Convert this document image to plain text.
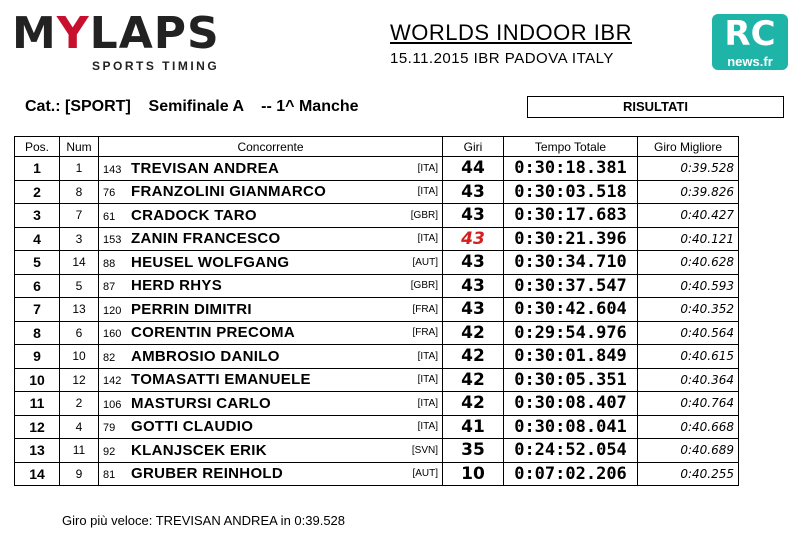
MYLAPS
SPORTS TIMING
WORLDS INDOOR IBR
15.11.2015 IBR PADOVA ITALY
RC
news.fr
Cat.: [SPORT]    Semifinale A    -- 1^ Manche	RISULTATI
Pos.	Num	Concorrente	Giri	Tempo Totale	Giro Migliore
1	1	143 TREVISAN ANDREA [ITA]	44	0:30:18.381	0:39.528
2	8	76 FRANZOLINI GIANMARCO [ITA]	43	0:30:03.518	0:39.826
3	7	61 CRADOCK TARO [GBR]	43	0:30:17.683	0:40.427
4	3	153 ZANIN FRANCESCO [ITA]	43	0:30:21.396	0:40.121
5	14	88 HEUSEL WOLFGANG [AUT]	43	0:30:34.710	0:40.628
6	5	87 HERD RHYS [GBR]	43	0:30:37.547	0:40.593
7	13	120 PERRIN DIMITRI [FRA]	43	0:30:42.604	0:40.352
8	6	160 CORENTIN PRECOMA [FRA]	42	0:29:54.976	0:40.564
9	10	82 AMBROSIO DANILO [ITA]	42	0:30:01.849	0:40.615
10	12	142 TOMASATTI EMANUELE [ITA]	42	0:30:05.351	0:40.364
11	2	106 MASTURSI CARLO [ITA]	42	0:30:08.407	0:40.764
12	4	79 GOTTI CLAUDIO [ITA]	41	0:30:08.041	0:40.668
13	11	92 KLANJSCEK ERIK [SVN]	35	0:24:52.054	0:40.689
14	9	81 GRUBER REINHOLD [AUT]	10	0:07:02.206	0:40.255
Giro più veloce: TREVISAN ANDREA in 0:39.528
